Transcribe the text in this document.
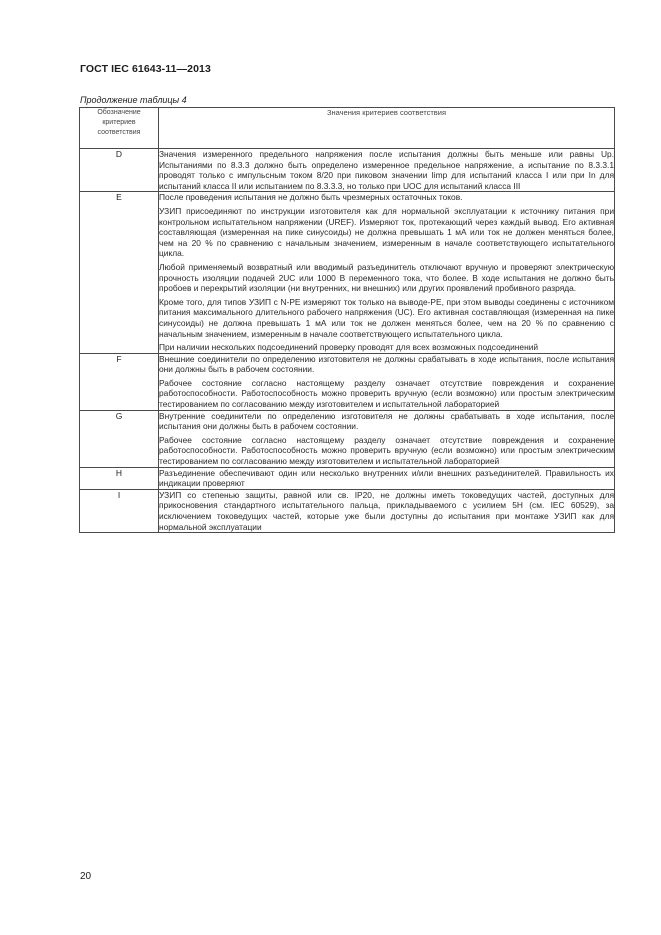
ГОСТ IEC 61643-11—2013
Продолжение таблицы 4
Обозначение критериев соответствия	Значения критериев соответствия
D	Значения измеренного предельного напряжения после испытания должны быть меньше или равны Uр. Испытаниями по 8.3.3 должно быть определено измеренное предельное напряжение, а испытание по 8.3.3.1 проводят только с импульсным током 8/20 при пиковом значении Iimp для испытаний класса I или при In для испытаний класса II или испытанием по 8.3.3.3, но только при UOC для испытаний класса III

E	После проведения испытания не должно быть чрезмерных остаточных токов.

УЗИП присоединяют по инструкции изготовителя как для нормальной эксплуатации к источнику питания при контрольном испытательном напряжении (UREF). Измеряют ток, протекающий через каждый вывод. Его активная составляющая (измеренная на пике синусоиды) не должна превышать 1 мА или ток не должен меняться более, чем на 20 % по сравнению с начальным значением, измеренным в начале соответствующего испытательного цикла.

Любой применяемый возвратный или вводимый разъединитель отключают вручную и проверяют электрическую прочность изоляции подачей 2UC или 1000 В переменного тока, что более. В ходе испытания не должно быть пробоев и перекрытий изоляции (ни внутренних, ни внешних) или других проявлений пробивного разряда.

Кроме того, для типов УЗИП с N-PE измеряют ток только на выводе-PE, при этом выводы соединены с источником питания максимального длительного рабочего напряжения (UC). Его активная составляющая (измеренная на пике синусоиды) не должна превышать 1 мА или ток не должен меняться более, чем на 20 % по сравнению с начальным значением, измеренным в начале соответствующего испытательного цикла.

При наличии нескольких подсоединений проверку проводят для всех возможных подсоединений

F	Внешние соединители по определению изготовителя не должны срабатывать в ходе испытания, после испытания они должны быть в рабочем состоянии.

Рабочее состояние согласно настоящему разделу означает отсутствие повреждения и сохранение работоспособности. Работоспособность можно проверить вручную (если возможно) или простым электрическим тестированием по согласованию между изготовителем и испытательной лабораторией

G	Внутренние соединители по определению изготовителя не должны срабатывать в ходе испытания, после испытания они должны быть в рабочем состоянии.

Рабочее состояние согласно настоящему разделу означает отсутствие повреждения и сохранение работоспособности. Работоспособность можно проверить вручную (если возможно) или простым электрическим тестированием по согласованию между изготовителем и испытательной лабораторией

H	Разъединение обеспечивают один или несколько внутренних и/или внешних разъединителей. Правильность их индикации проверяют

I	УЗИП со степенью защиты, равной или св. IP20, не должны иметь токоведущих частей, доступных для прикосновения стандартного испытательного пальца, прикладываемого с усилием 5Н (см. IEC 60529), за исключением токоведущих частей, которые уже были доступны до испытания при монтаже УЗИП как для нормальной эксплуатации

20
